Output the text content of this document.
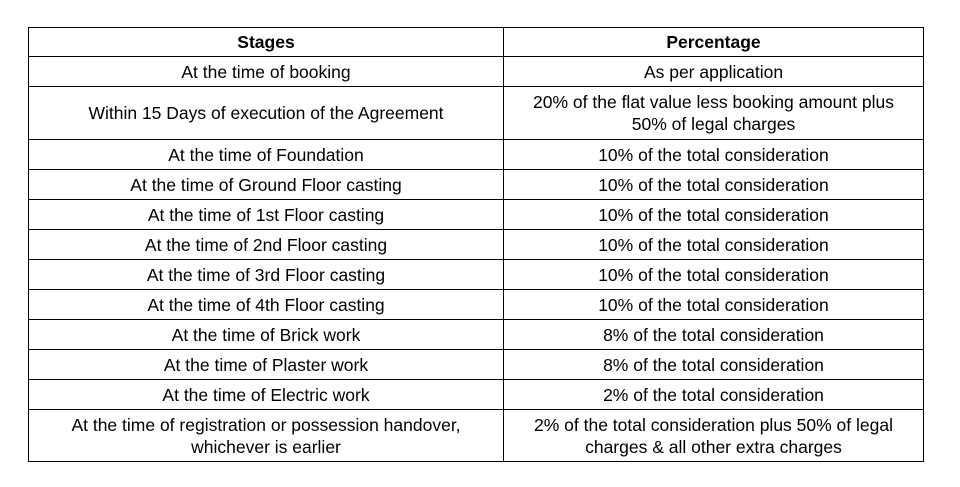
Stages	Percentage

At the time of booking	As per application

Within 15 Days of execution of the Agreement	20% of the flat value less booking amount plus
50% of legal charges

At the time of Foundation	10% of the total consideration

At the time of Ground Floor casting	10% of the total consideration

At the time of 1st Floor casting	10% of the total consideration

At the time of 2nd Floor casting	10% of the total consideration

At the time of 3rd Floor casting	10% of the total consideration

At the time of 4th Floor casting	10% of the total consideration

At the time of Brick work	8% of the total consideration

At the time of Plaster work	8% of the total consideration

At the time of Electric work	2% of the total consideration

At the time of registration or possession handover,
whichever is earlier	2% of the total consideration plus 50% of legal
charges & all other extra charges
